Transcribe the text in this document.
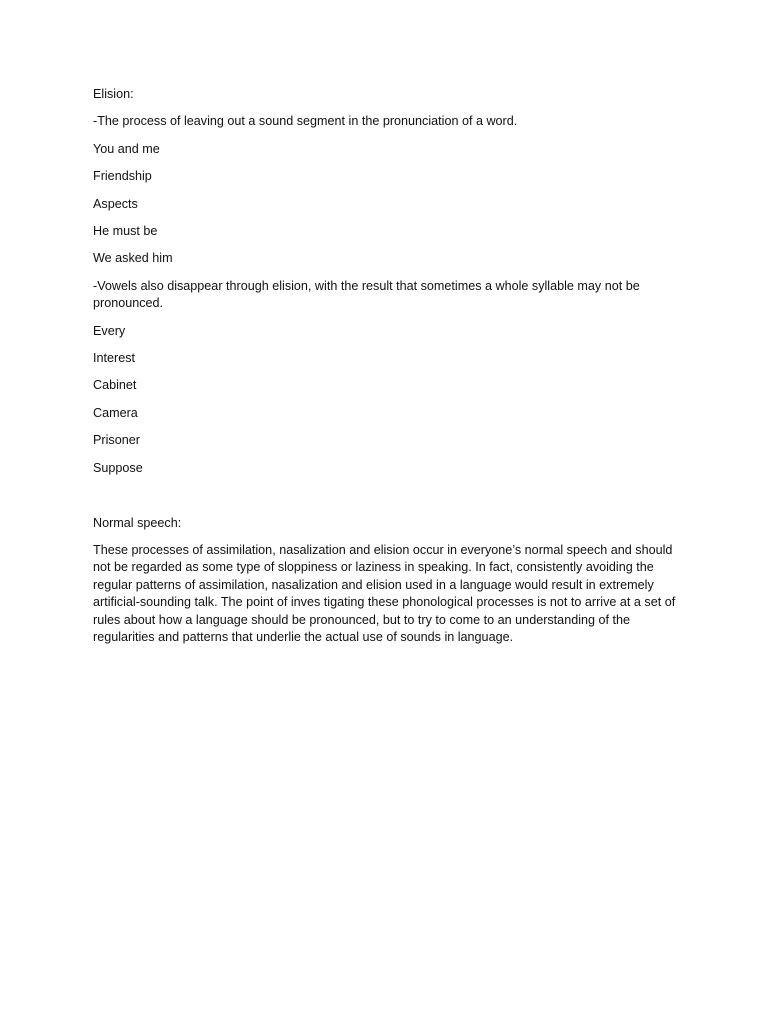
Elision:

-The process of leaving out a sound segment in the pronunciation of a word.

You and me

Friendship

Aspects

He must be

We asked him

-Vowels also disappear through elision, with the result that sometimes a whole syllable may not be pronounced.

Every

Interest

Cabinet

Camera

Prisoner

Suppose

Normal speech:

These processes of assimilation, nasalization and elision occur in everyone’s normal speech and should not be regarded as some type of sloppiness or laziness in speaking. In fact, consistently avoiding the regular patterns of assimilation, nasalization and elision used in a language would result in extremely artificial-sounding talk. The point of inves tigating these phonological processes is not to arrive at a set of rules about how a language should be pronounced, but to try to come to an understanding of the regularities and patterns that underlie the actual use of sounds in language.
